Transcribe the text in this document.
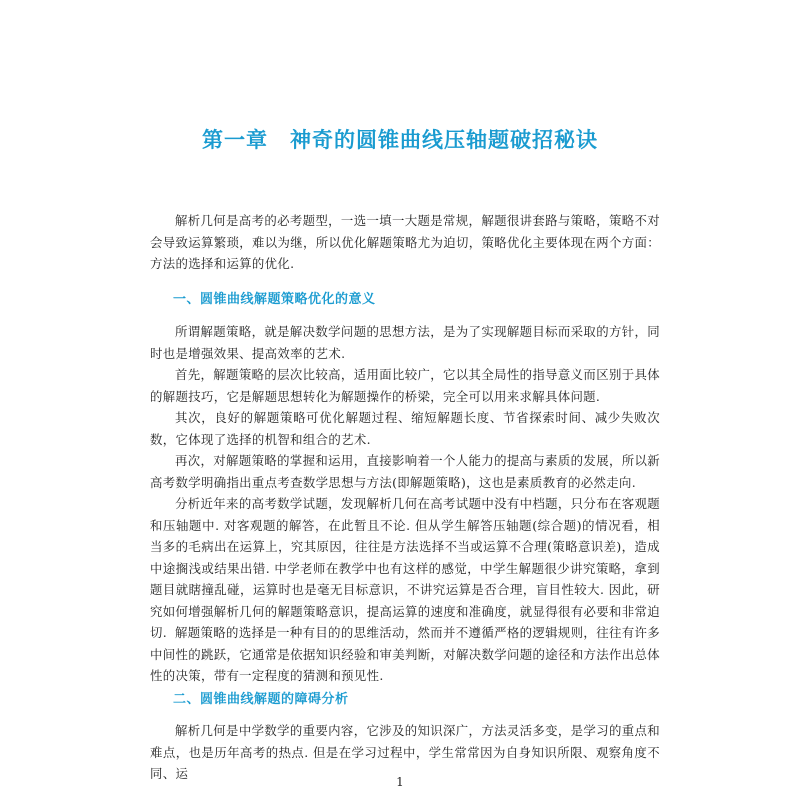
第一章　神奇的圆锥曲线压轴题破招秘诀

解析几何是高考的必考题型，一选一填一大题是常规，解题很讲套路与策略，策略不对会导致运算繁琐，难以为继，所以优化解题策略尤为迫切，策略优化主要体现在两个方面：方法的选择和运算的优化.

一、圆锥曲线解题策略优化的意义

所谓解题策略，就是解决数学问题的思想方法，是为了实现解题目标而采取的方针，同时也是增强效果、提高效率的艺术.

首先，解题策略的层次比较高，适用面比较广，它以其全局性的指导意义而区别于具体的解题技巧，它是解题思想转化为解题操作的桥梁，完全可以用来求解具体问题.

其次，良好的解题策略可优化解题过程、缩短解题长度、节省探索时间、减少失败次数，它体现了选择的机智和组合的艺术.

再次，对解题策略的掌握和运用，直接影响着一个人能力的提高与素质的发展，所以新高考数学明确指出重点考查数学思想与方法(即解题策略)，这也是素质教育的必然走向.

分析近年来的高考数学试题，发现解析几何在高考试题中没有中档题，只分布在客观题和压轴题中. 对客观题的解答，在此暂且不论. 但从学生解答压轴题(综合题)的情况看，相当多的毛病出在运算上，究其原因，往往是方法选择不当或运算不合理(策略意识差)，造成中途搁浅或结果出错. 中学老师在教学中也有这样的感觉，中学生解题很少讲究策略，拿到题目就瞎撞乱碰，运算时也是毫无目标意识，不讲究运算是否合理，盲目性较大. 因此，研究如何增强解析几何的解题策略意识，提高运算的速度和准确度，就显得很有必要和非常迫切. 解题策略的选择是一种有目的的思维活动，然而并不遵循严格的逻辑规则，往往有许多中间性的跳跃，它通常是依据知识经验和审美判断，对解决数学问题的途径和方法作出总体性的决策，带有一定程度的猜测和预见性.

二、圆锥曲线解题的障碍分析

解析几何是中学数学的重要内容，它涉及的知识深广，方法灵活多变，是学习的重点和难点，也是历年高考的热点. 但是在学习过程中，学生常常因为自身知识所限、观察角度不同、运

1
